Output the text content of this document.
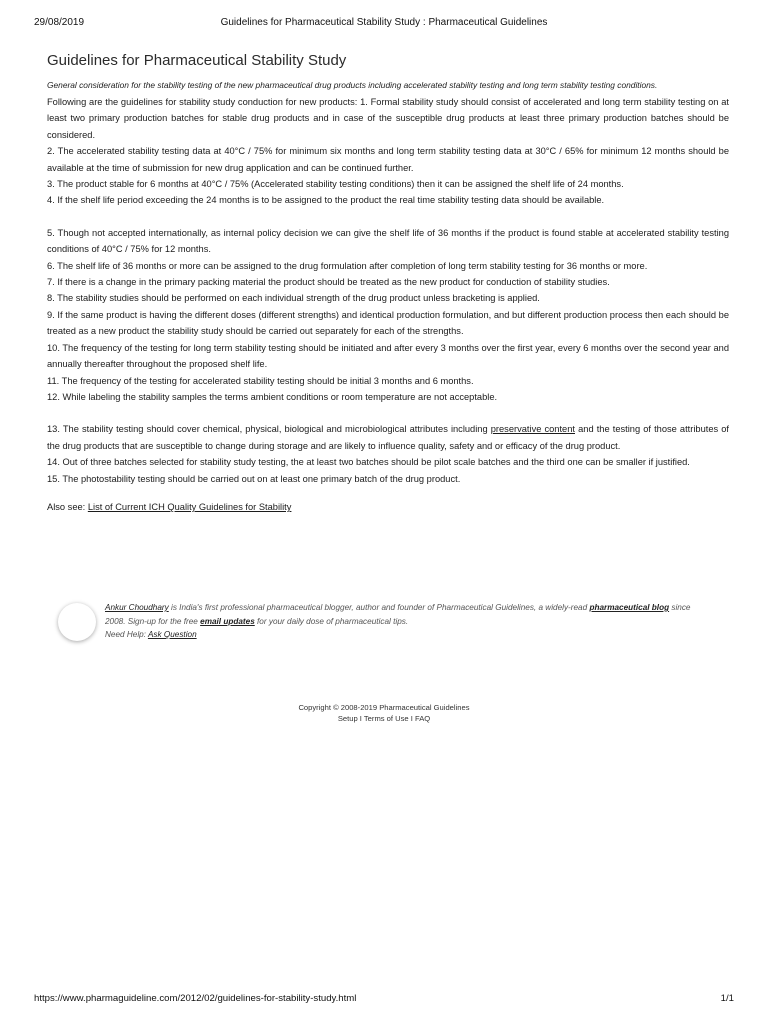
29/08/2019	Guidelines for Pharmaceutical Stability Study : Pharmaceutical Guidelines
Guidelines for Pharmaceutical Stability Study

General consideration for the stability testing of the new pharmaceutical drug products including accelerated stability testing and long term stability testing conditions.

Following are the guidelines for stability study conduction for new products: 1. Formal stability study should consist of accelerated and long term stability testing on at least two primary production batches for stable drug products and in case of the susceptible drug products at least three primary production batches should be considered.

2. The accelerated stability testing data at 40°C / 75% for minimum six months and long term stability testing data at 30°C / 65% for minimum 12 months should be available at the time of submission for new drug application and can be continued further.

3. The product stable for 6 months at 40°C / 75% (Accelerated stability testing conditions) then it can be assigned the shelf life of 24 months.

4. If the shelf life period exceeding the 24 months is to be assigned to the product the real time stability testing data should be available.

5. Though not accepted internationally, as internal policy decision we can give the shelf life of 36 months if the product is found stable at accelerated stability testing conditions of 40°C / 75% for 12 months.

6. The shelf life of 36 months or more can be assigned to the drug formulation after completion of long term stability testing for 36 months or more.

7. If there is a change in the primary packing material the product should be treated as the new product for conduction of stability studies.

8. The stability studies should be performed on each individual strength of the drug product unless bracketing is applied.

9. If the same product is having the different doses (different strengths) and identical production formulation, and but different production process then each should be treated as a new product the stability study should be carried out separately for each of the strengths.

10. The frequency of the testing for long term stability testing should be initiated and after every 3 months over the first year, every 6 months over the second year and annually thereafter throughout the proposed shelf life.

11. The frequency of the testing for accelerated stability testing should be initial 3 months and 6 months.

12. While labeling the stability samples the terms ambient conditions or room temperature are not acceptable.

13. The stability testing should cover chemical, physical, biological and microbiological attributes including preservative content and the testing of those attributes of the drug products that are susceptible to change during storage and are likely to influence quality, safety and or efficacy of the drug product.

14. Out of three batches selected for stability study testing, the at least two batches should be pilot scale batches and the third one can be smaller if justified.

15. The photostability testing should be carried out on at least one primary batch of the drug product.

Also see: List of Current ICH Quality Guidelines for Stability
Ankur Choudhary is India's first professional pharmaceutical blogger, author and founder of Pharmaceutical Guidelines, a widely-read pharmaceutical blog since 2008. Sign-up for the free email updates for your daily dose of pharmaceutical tips.
Need Help: Ask Question
Copyright © 2008-2019 Pharmaceutical Guidelines
Setup I Terms of Use I FAQ
https://www.pharmaguideline.com/2012/02/guidelines-for-stability-study.html	1/1
